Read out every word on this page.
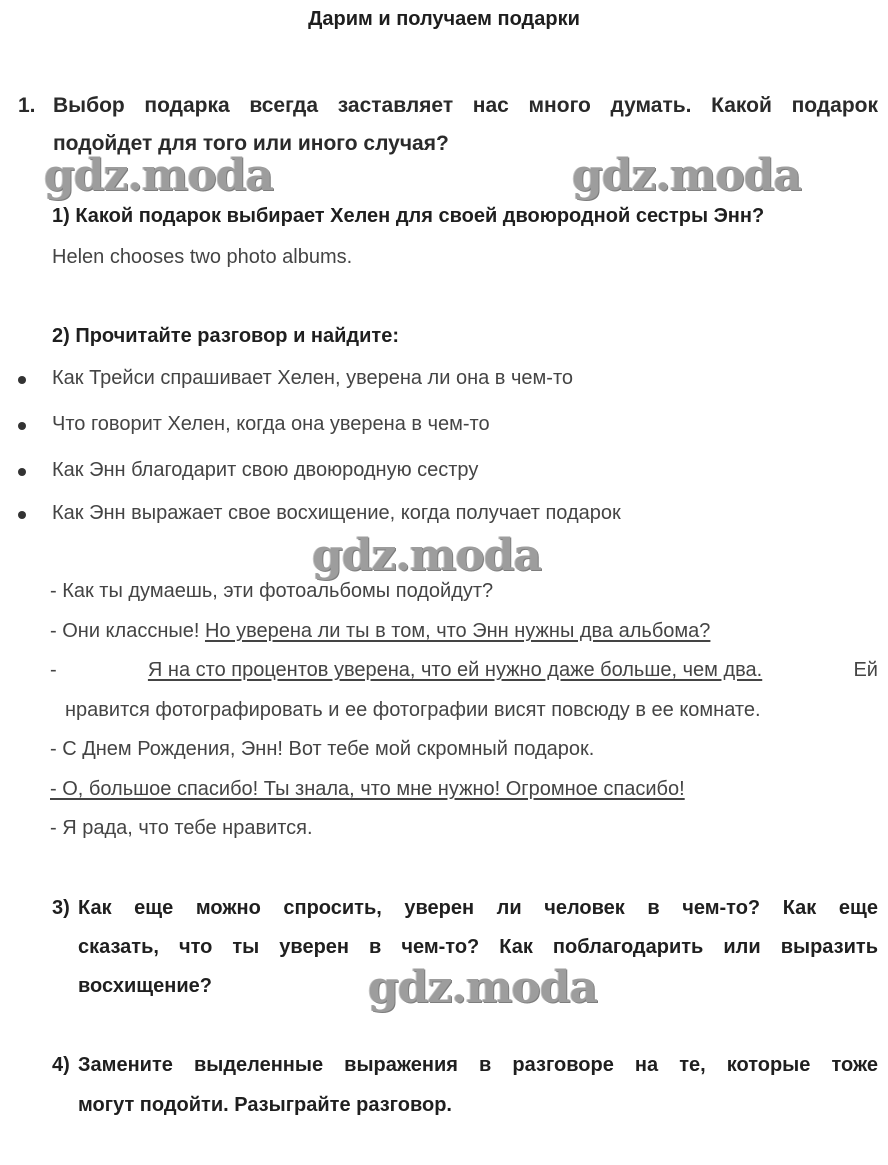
Дарим и получаем подарки
1. Выбор подарка всегда заставляет нас много думать. Какой подарок
подойдет для того или иного случая?
gdz.moda	gdz.moda
gdz.moda
gdz.moda
1) Какой подарок выбирает Хелен для своей двоюродной сестры Энн?
Helen chooses two photo albums.
2) Прочитайте разговор и найдите:
Как Трейси спрашивает Хелен, уверена ли она в чем-то
Что говорит Хелен, когда она уверена в чем-то
Как Энн благодарит свою двоюродную сестру
Как Энн выражает свое восхищение, когда получает подарок
- Как ты думаешь, эти фотоальбомы подойдут?
- Они классные! Но уверена ли ты в том, что Энн нужны два альбома?
-	Я на сто процентов уверена, что ей нужно даже больше, чем два.	Ей
нравится фотографировать и ее фотографии висят повсюду в ее комнате.
- С Днем Рождения, Энн! Вот тебе мой скромный подарок.
- О, большое спасибо! Ты знала, что мне нужно! Огромное спасибо!
- Я рада, что тебе нравится.
3) Как еще можно спросить, уверен ли человек в чем-то? Как еще
сказать, что ты уверен в чем-то? Как поблагодарить или выразить
восхищение?
4) Замените выделенные выражения в разговоре на те, которые тоже
могут подойти. Разыграйте разговор.
